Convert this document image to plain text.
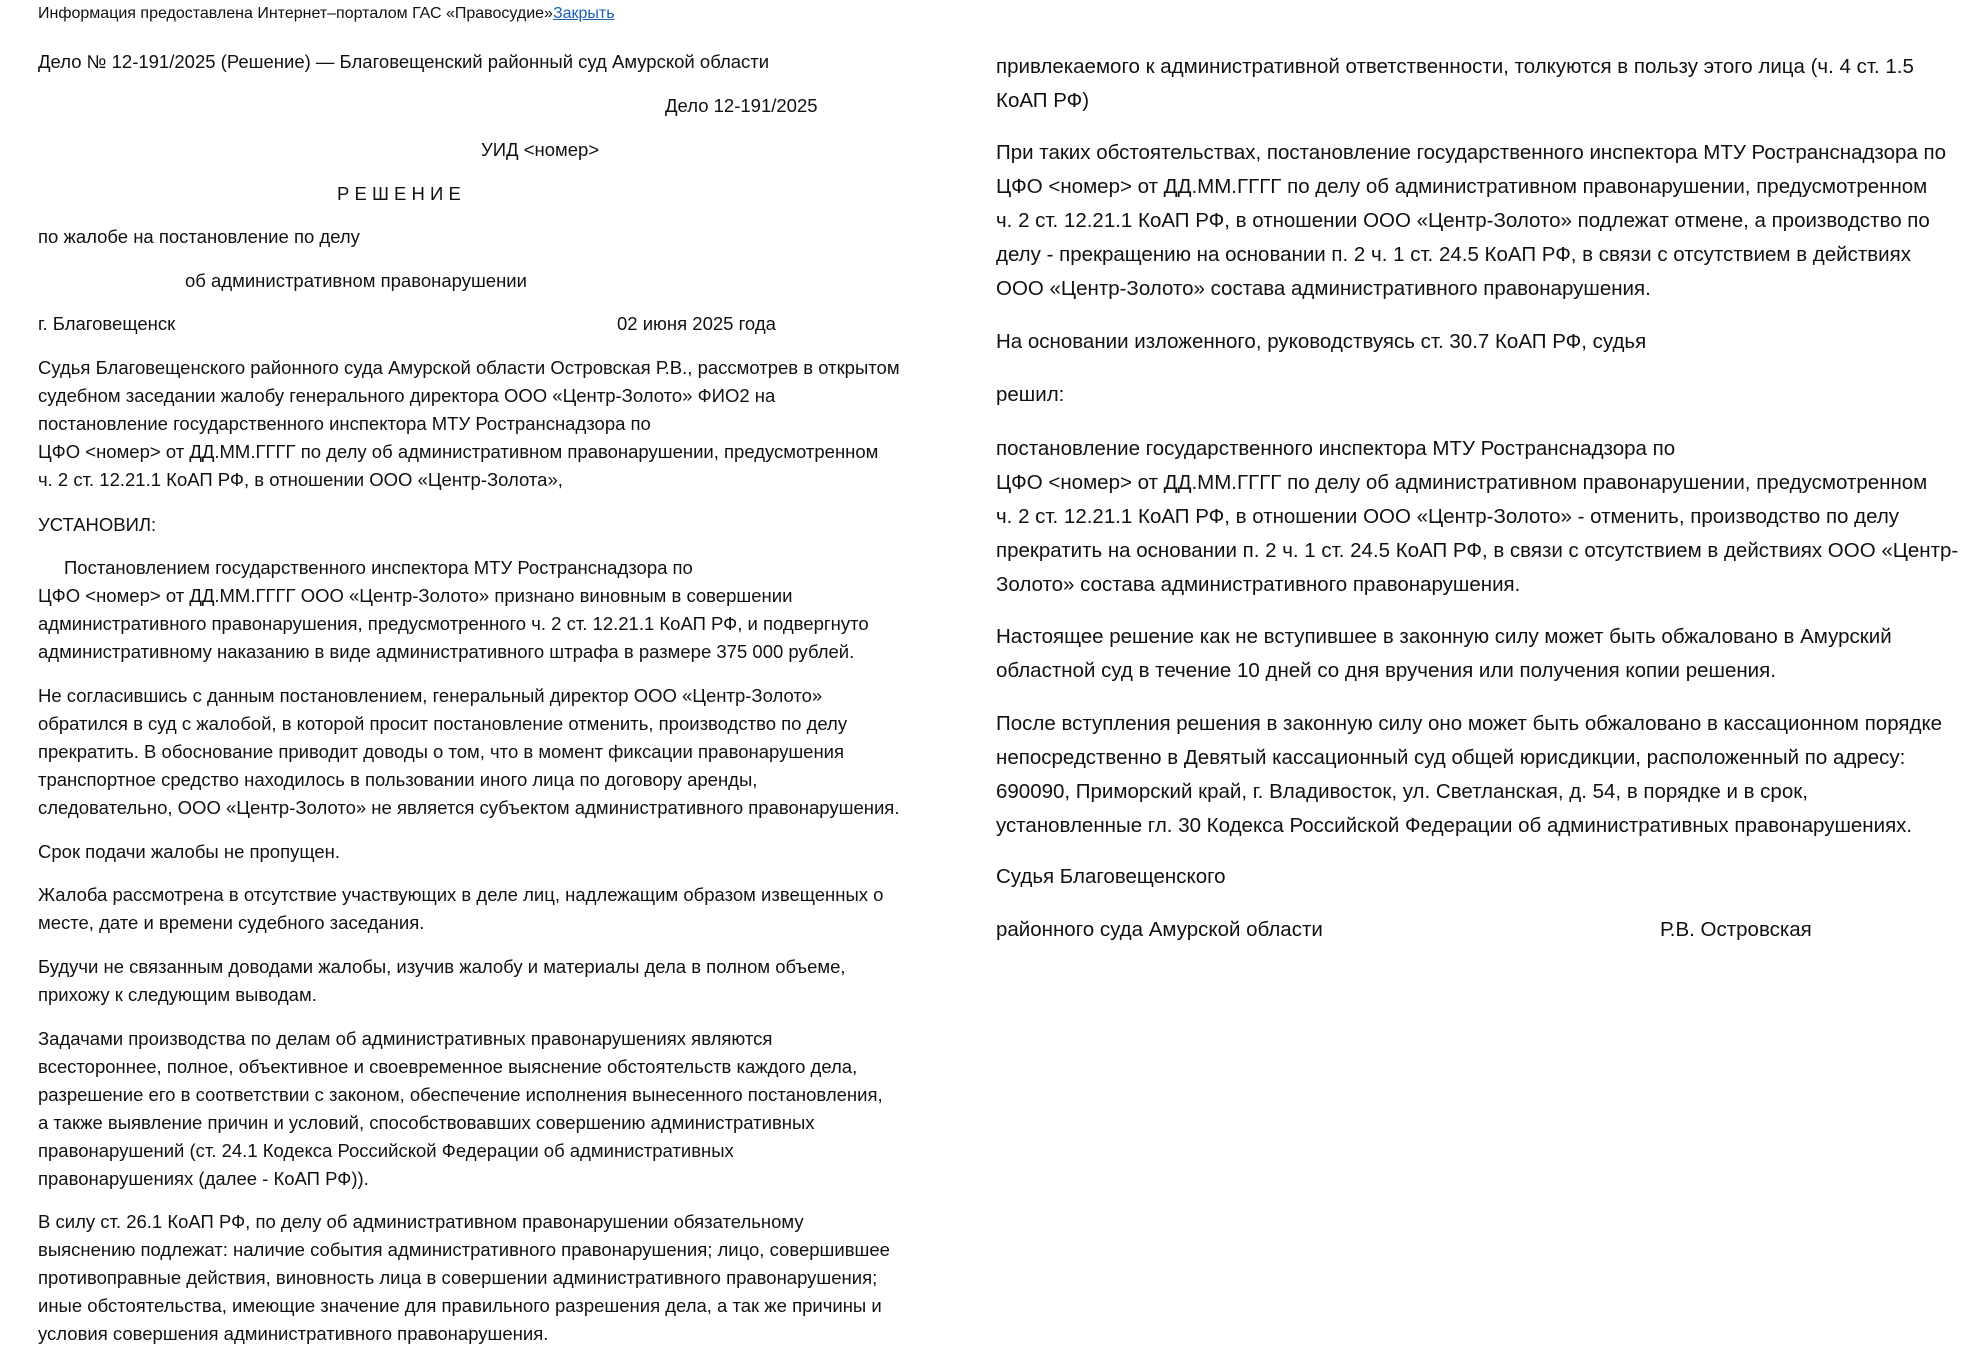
Информация предоставлена Интернет–порталом ГАС «Правосудие»Закрыть
Дело № 12-191/2025 (Решение) — Благовещенский районный суд Амурской области
Дело 12-191/2025
УИД <номер>
Р Е Ш Е Н И Е
по жалобе на постановление по делу
об административном правонарушении
г. Благовещенск	02 июня 2025 года
Судья Благовещенского районного суда Амурской области Островская Р.В., рассмотрев в открытом
судебном заседании жалобу генерального директора ООО «Центр-Золото» ФИО2 на
постановление государственного инспектора МТУ Ространснадзора по
ЦФО <номер> от ДД.ММ.ГГГГ по делу об административном правонарушении, предусмотренном
ч. 2 ст. 12.21.1 КоАП РФ, в отношении ООО «Центр-Золота»,
УСТАНОВИЛ:
Постановлением государственного инспектора МТУ Ространснадзора по
ЦФО <номер> от ДД.ММ.ГГГГ ООО «Центр-Золото» признано виновным в совершении
административного правонарушения, предусмотренного ч. 2 ст. 12.21.1 КоАП РФ, и подвергнуто
административному наказанию в виде административного штрафа в размере 375 000 рублей.
Не согласившись с данным постановлением, генеральный директор ООО «Центр-Золото»
обратился в суд с жалобой, в которой просит постановление отменить, производство по делу
прекратить. В обоснование приводит доводы о том, что в момент фиксации правонарушения
транспортное средство находилось в пользовании иного лица по договору аренды,
следовательно, ООО «Центр-Золото» не является субъектом административного правонарушения.
Срок подачи жалобы не пропущен.
Жалоба рассмотрена в отсутствие участвующих в деле лиц, надлежащим образом извещенных о
месте, дате и времени судебного заседания.
Будучи не связанным доводами жалобы, изучив жалобу и материалы дела в полном объеме,
прихожу к следующим выводам.
Задачами производства по делам об административных правонарушениях являются
всестороннее, полное, объективное и своевременное выяснение обстоятельств каждого дела,
разрешение его в соответствии с законом, обеспечение исполнения вынесенного постановления,
а также выявление причин и условий, способствовавших совершению административных
правонарушений (ст. 24.1 Кодекса Российской Федерации об административных
правонарушениях (далее - КоАП РФ)).
В силу ст. 26.1 КоАП РФ, по делу об административном правонарушении обязательному
выяснению подлежат: наличие события административного правонарушения; лицо, совершившее
противоправные действия, виновность лица в совершении административного правонарушения;
иные обстоятельства, имеющие значение для правильного разрешения дела, а так же причины и
условия совершения административного правонарушения.
привлекаемого к административной ответственности, толкуются в пользу этого лица (ч. 4 ст. 1.5
КоАП РФ)
При таких обстоятельствах, постановление государственного инспектора МТУ Ространснадзора по
ЦФО <номер> от ДД.ММ.ГГГГ по делу об административном правонарушении, предусмотренном
ч. 2 ст. 12.21.1 КоАП РФ, в отношении ООО «Центр-Золото» подлежат отмене, а производство по
делу - прекращению на основании п. 2 ч. 1 ст. 24.5 КоАП РФ, в связи с отсутствием в действиях
ООО «Центр-Золото» состава административного правонарушения.
На основании изложенного, руководствуясь ст. 30.7 КоАП РФ, судья
решил:
постановление государственного инспектора МТУ Ространснадзора по
ЦФО <номер> от ДД.ММ.ГГГГ по делу об административном правонарушении, предусмотренном
ч. 2 ст. 12.21.1 КоАП РФ, в отношении ООО «Центр-Золото» - отменить, производство по делу
прекратить на основании п. 2 ч. 1 ст. 24.5 КоАП РФ, в связи с отсутствием в действиях ООО «Центр-
Золото» состава административного правонарушения.
Настоящее решение как не вступившее в законную силу может быть обжаловано в Амурский
областной суд в течение 10 дней со дня вручения или получения копии решения.
После вступления решения в законную силу оно может быть обжаловано в кассационном порядке
непосредственно в Девятый кассационный суд общей юрисдикции, расположенный по адресу:
690090, Приморский край, г. Владивосток, ул. Светланская, д. 54, в порядке и в срок,
установленные гл. 30 Кодекса Российской Федерации об административных правонарушениях.
Судья Благовещенского
районного суда Амурской области	Р.В. Островская
